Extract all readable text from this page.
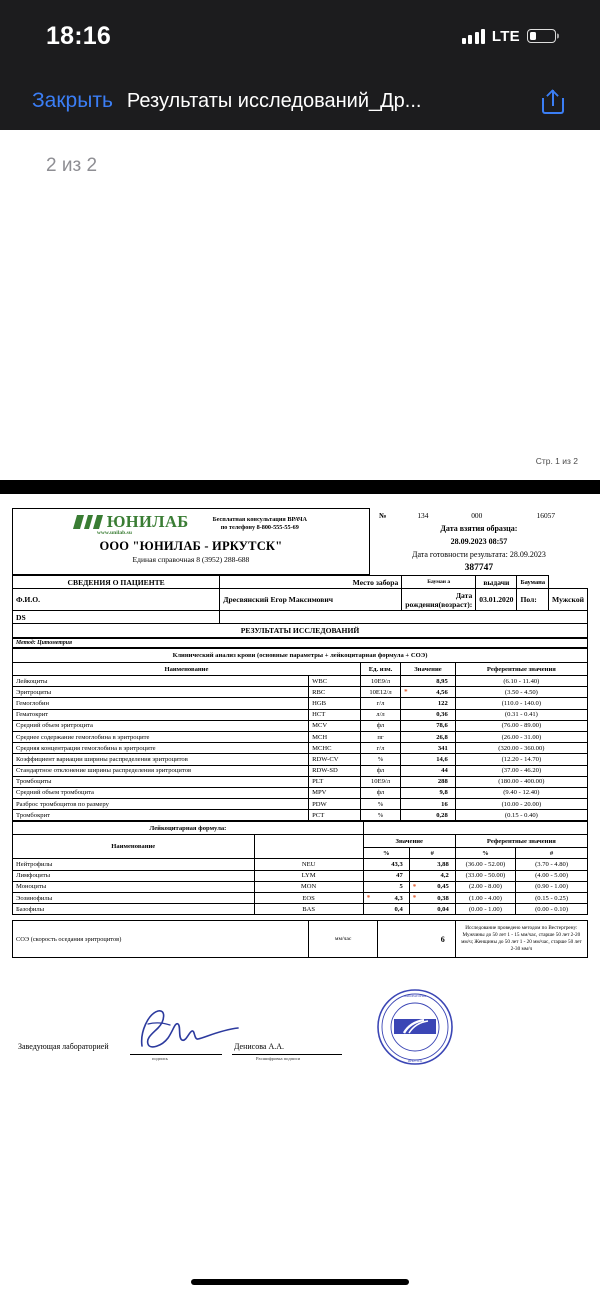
18:16	LTE
Закрыть Результаты исследований_Др...
2 из 2
Стр. 1 из 2
ЮНИЛАБ
www.unilab.su
Бесплатная консультация ВРАЧА
по телефону 8-800-555-55-69
ООО "ЮНИЛАБ - ИРКУТСК"
Единая справочная 8 (3952) 288-688

№	134	000	16057
Дата взятия образца:
28.09.2023 08:57
Дата готовности результата: 28.09.2023
387747
СВЕДЕНИЯ О ПАЦИЕНТЕ	Место забора	Бауман а	выдачи	Баумана	
Ф.И.О.	Дресвянский Егор Максимович	Дата рождения(возраст):	03.01.2020	Пол:	Мужской
DS					
РЕЗУЛЬТАТЫ ИССЛЕДОВАНИЙ					
Метод: Цитометрия
Клинический анализ крови (основные параметры + лейкоцитарная формула + СОЭ)				
Наименование		Ед. изм.	Значение	Референтные значения
Лейкоциты	WBC	10E9/л	8,95	(6.10 - 11.40)
Эритроциты	RBC	10E12/л	* 4,56	(3.50 - 4.50)
Гемоглобин	HGB	г/л	122	(110.0 - 140.0)
Гематокрит	HCT	л/л	0,36	(0.31 - 0.41)
Средний объем эритроцита	MCV	фл	78,6	(76.00 - 89.00)
Среднее содержание гемоглобина в эритроците	MCH	пг	26,8	(26.00 - 31.00)
Средняя концентрация гемоглобина в эритроците	MCHC	г/л	341	(320.00 - 360.00)
Коэффициент вариации ширины распределения эритроцитов	RDW-CV	%	14,6	(12.20 - 14.70)
Стандартное отклонение ширины распределения эритроцитов	RDW-SD	фл	44	(37.00 - 46.20)
Тромбоциты	PLT	10E9/л	288	(180.00 - 400.00)
Средний объем тромбоцита	MPV	фл	9,8	(9.40 - 12.40)
Разброс тромбоцитов по размеру	PDW	%	16	(10.00 - 20.00)
Тромбокрит	PCT	%	0,28	(0.15 - 0.40)
Лейкоцитарная формула:					
Наименование		Значение		Референтные значения	
		%	#	%	#
Нейтрофилы	NEU	43,3	3,88	(36.00 - 52.00)	(3.70 - 4.80)
Лимфоциты	LYM	47	4,2	(33.00 - 50.00)	(4.00 - 5.00)
Моноциты	MON	5	* 0,45	(2.00 - 8.00)	(0.90 - 1.00)
Эозинофилы	EOS	* 4,3	* 0,38	(1.00 - 4.00)	(0.15 - 0.25)
Базофилы	BAS	0,4	0,04	(0.00 - 1.00)	(0.00 - 0.10)
СОЭ (скорость оседания эритроцитов)	мм/час	6	Исследование проведено методом по Вестергрену: Мужчины до 50 лет 1 - 15 мм/час, старше 50 лет 2-20 мм/ч; Женщины до 50 лет 1 - 20 мм/час, старше 50 лет 2-30 мм/ч
Заведующая лабораторией
подпись
Денисова А.А.
Расшифровка подписи
ЛАБОРАТОРИЯ
ИРКУТСК
